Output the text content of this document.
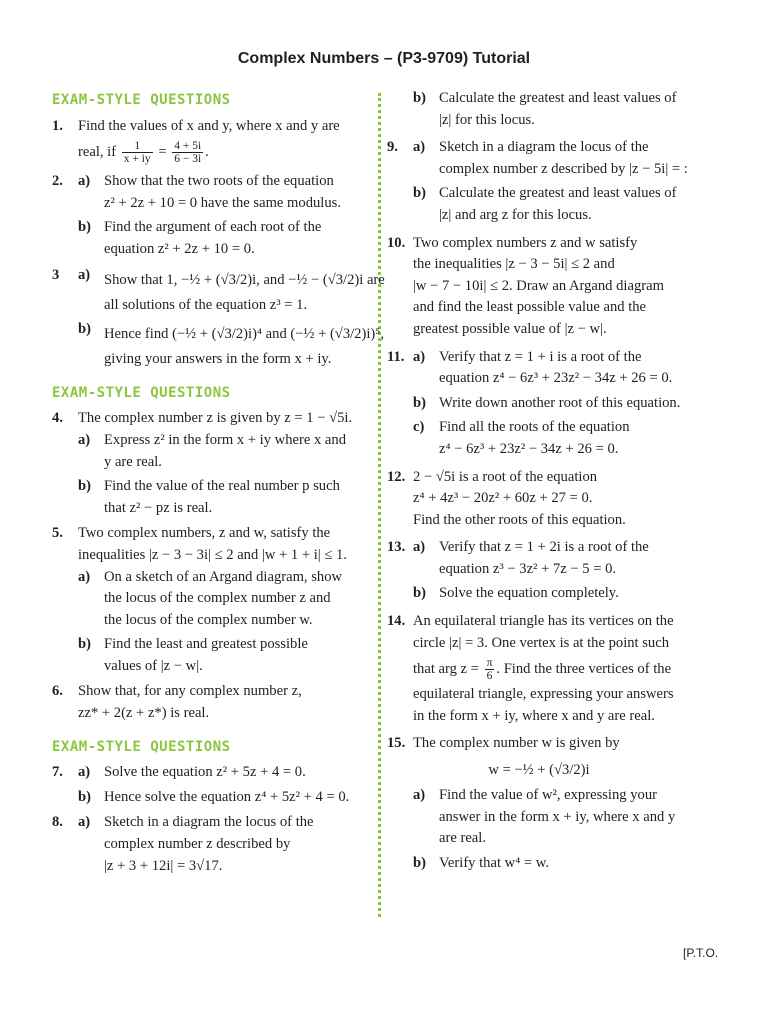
Complex Numbers – (P3-9709) Tutorial
EXAM-STYLE QUESTIONS
1. Find the values of x and y, where x and y are
real, if $\frac{1}{x + iy} = \frac{4 + 5i}{6 - 3i}$ .
2. a) Show that the two roots of the equation
z² + 2z + 10 = 0 have the same modulus.
b) Find the argument of each root of the
equation z² + 2z + 10 = 0.
3 a) Show that 1, −½ + (√3/2)i, and −½ − (√3/2)i are
all solutions of the equation z³ = 1.
b) Hence find (−½ + (√3/2)i)⁴ and (−½ + (√3/2)i)⁵,
giving your answers in the form x + iy.
EXAM-STYLE QUESTIONS
4. The complex number z is given by z = 1 − √5i.
a) Express z² in the form x + iy where x and
y are real.
b) Find the value of the real number p such
that z² − pz is real.
5. Two complex numbers, z and w, satisfy the
inequalities |z − 3 − 3i| ≤ 2 and |w + 1 + i| ≤ 1.
a) On a sketch of an Argand diagram, show
the locus of the complex number z and
the locus of the complex number w.
b) Find the least and greatest possible
values of |z − w|.
6. Show that, for any complex number z,
zz* + 2(z + z*) is real.
EXAM-STYLE QUESTIONS
7. a) Solve the equation z² + 5z + 4 = 0.
b) Hence solve the equation z⁴ + 5z² + 4 = 0.
8. a) Sketch in a diagram the locus of the
complex number z described by
|z + 3 + 12i| = 3√17.
b) Calculate the greatest and least values of
|z| for this locus.
9. a) Sketch in a diagram the locus of the
complex number z described by |z − 5i| = :
b) Calculate the greatest and least values of
|z| and arg z for this locus.
10. Two complex numbers z and w satisfy
the inequalities |z − 3 − 5i| ≤ 2 and
|w − 7 − 10i| ≤ 2. Draw an Argand diagram
and find the least possible value and the
greatest possible value of |z − w|.
11. a) Verify that z = 1 + i is a root of the
equation z⁴ − 6z³ + 23z² − 34z + 26 = 0.
b) Write down another root of this equation.
c) Find all the roots of the equation
z⁴ − 6z³ + 23z² − 34z + 26 = 0.
12. 2 − √5i is a root of the equation
z⁴ + 4z³ − 20z² + 60z + 27 = 0.
Find the other roots of this equation.
13. a) Verify that z = 1 + 2i is a root of the
equation z³ − 3z² + 7z − 5 = 0.
b) Solve the equation completely.
14. An equilateral triangle has its vertices on the
circle |z| = 3. One vertex is at the point such
that arg $z = \frac{\pi}{6}$ . Find the three vertices of the
equilateral triangle, expressing your answers
in the form x + iy, where x and y are real.
15. The complex number w is given by
w = −½ + (√3/2)i
a) Find the value of w², expressing your
answer in the form x + iy, where x and y
are real.
b) Verify that w⁴ = w.
[P.T.O.
